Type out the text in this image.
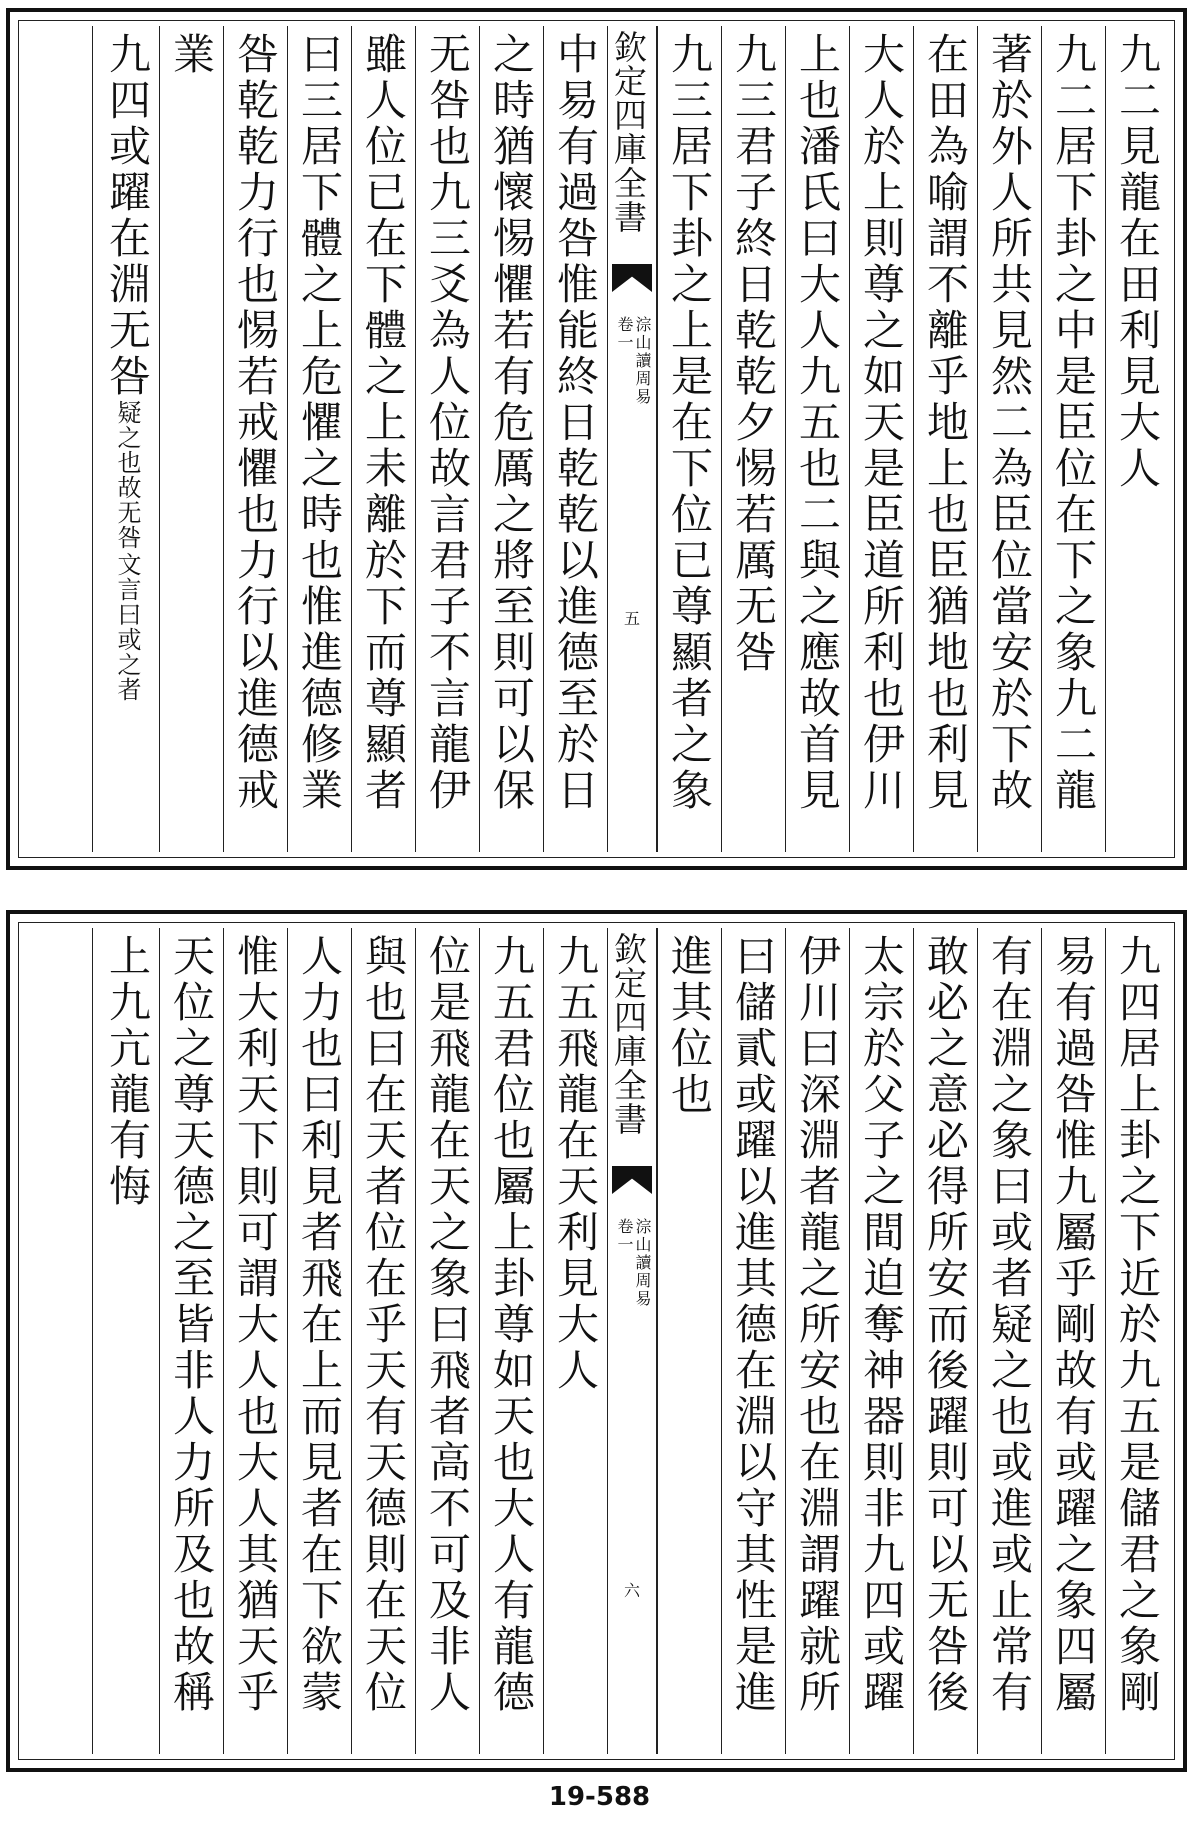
九二見龍在田利見大人
九二居下卦之中是臣位在下之象九二龍
著於外人所共見然二為臣位當安於下故
在田為喻謂不離乎地上也臣猶地也利見
大人於上則尊之如天是臣道所利也伊川
上也潘氏曰大人九五也二與之應故首見
九三君子終日乾乾夕惕若厲无咎
九三居下卦之上是在下位已尊顯者之象
欽定四庫全書
淙山讀周易
卷一
五
中易有過咎惟能終日乾乾以進德至於日
之時猶懷惕懼若有危厲之將至則可以保
无咎也九三爻為人位故言君子不言龍伊
雖人位已在下體之上未離於下而尊顯者
曰三居下體之上危懼之時也惟進德修業
咎乾乾力行也惕若戒懼也力行以進德戒
業
九四或躍在淵无咎
文言曰或之者
疑之也故无咎
九四居上卦之下近於九五是儲君之象剛
易有過咎惟九屬乎剛故有或躍之象四屬
有在淵之象曰或者疑之也或進或止常有
敢必之意必得所安而後躍則可以无咎後
太宗於父子之間迫奪神器則非九四或躍
伊川曰深淵者龍之所安也在淵謂躍就所
曰儲貳或躍以進其德在淵以守其性是進
進其位也
欽定四庫全書
淙山讀周易
卷一
六
九五飛龍在天利見大人
九五君位也屬上卦尊如天也大人有龍德
位是飛龍在天之象曰飛者高不可及非人
與也曰在天者位在乎天有天德則在天位
人力也曰利見者飛在上而見者在下欲蒙
惟大利天下則可謂大人也大人其猶天乎
天位之尊天德之至皆非人力所及也故稱
上九亢龍有悔
19-588
